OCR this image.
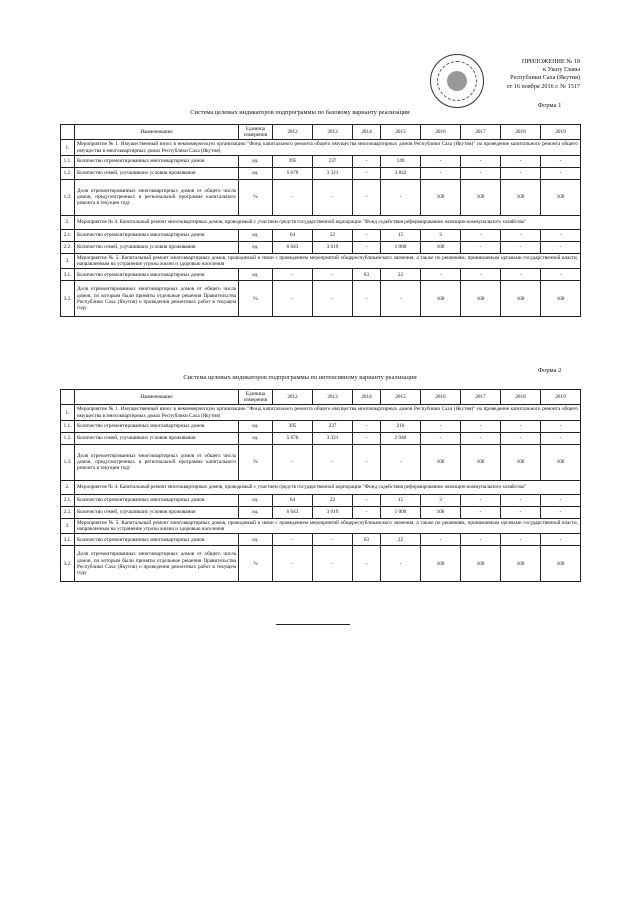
ПРИЛОЖЕНИЕ № 18
к Указу Главы
Республики Саха (Якутия)
от 16 ноября 2016 г. № 1517
Форма 1
Система целевых индикаторов подпрограммы по базовому варианту реализации
	Наименование	Единица измерения	2012	2013	2014	2015	2016	2017	2018	2019
1.	Мероприятие № 1. Имущественный взнос в некоммерческую организацию "Фонд капитального ремонта общего имущества многоквартирных домов Республики Саха (Якутия)" на проведение капитального ремонта общего имущества в многоквартирных домах Республики Саха (Якутия)									
1.1.	Количество отремонтированных многоквартирных домов	ед.	395	237	-	149	-	-	-	-
1.2.	Количество семей, улучшивших условия проживания	ед.	5 670	3 321	-	3 842	-	-	-	-
1.3.	Доля отремонтированных многоквартирных домов от общего числа домов, предусмотренных в региональной программе капитального ремонта в текущем году	%	-	-	-	-	100	100	100	100
2.	Мероприятие № 4. Капитальный ремонт многоквартирных домов, проводимый с участием средств государственной корпорации "Фонд содействия реформированию жилищно-коммунального хозяйства"									
2.1.	Количество отремонтированных многоквартирных домов	ед.	64	22	-	15	3	-	-	-
2.2.	Количество семей, улучшивших условия проживания	ед.	6 643	3 619	-	1 000	100	-	-	-
3.	Мероприятие № 5. Капитальный ремонт многоквартирных домов, проводимый в связи с проведением мероприятий общереспубликанского значения, а также по решениям, принимаемым органами государственной власти, направленным на устранение угрозы жизни и здоровью населения									
3.1.	Количество отремонтированных многоквартирных домов	ед.	-	-	63	22	-	-	-	-
3.2.	Доля отремонтированных многоквартирных домов от общего числа домов, по которым были приняты отдельные решения Правительства Республики Саха (Якутия) о проведении ремонтных работ в текущем году	%	-	-	-	-	100	100	100	100
Форма 2
Система целевых индикаторов подпрограммы по интенсивному варианту реализации
	Наименование	Единица измерения	2012	2013	2014	2015	2016	2017	2018	2019
1.	Мероприятие № 1. Имущественный взнос в некоммерческую организацию "Фонд капитального ремонта общего имущества многоквартирных домов Республики Саха (Якутия)" на проведение капитального ремонта общего имущества в многоквартирных домах Республики Саха (Якутия)									
1.1.	Количество отремонтированных многоквартирных домов	ед.	395	237	-	210	-	-	-	-
1.2.	Количество семей, улучшивших условия проживания	ед.	5 670	3 321	-	2 940	-	-	-	-
1.3.	Доля отремонтированных многоквартирных домов от общего числа домов, предусмотренных в региональной программе капитального ремонта в текущем году	%	-	-	-	-	100	100	100	100
2.	Мероприятие № 4. Капитальный ремонт многоквартирных домов, проводимый с участием средств государственной корпорации "Фонд содействия реформированию жилищно-коммунального хозяйства"									
2.1.	Количество отремонтированных многоквартирных домов	ед.	64	22	-	15	3	-	-	-
2.2.	Количество семей, улучшивших условия проживания	ед.	6 643	3 619	-	1 000	100	-	-	-
3.	Мероприятие № 5. Капитальный ремонт многоквартирных домов, проводимый в связи с проведением мероприятий общереспубликанского значения, а также по решениям, принимаемым органами государственной власти, направленным на устранение угрозы жизни и здоровью населения									
3.1.	Количество отремонтированных многоквартирных домов	ед.	-	-	63	22	-	-	-	-
3.2.	Доля отремонтированных многоквартирных домов от общего числа домов, по которым были приняты отдельные решения Правительства Республики Саха (Якутия) о проведении ремонтных работ в текущем году	%	-	-	-	-	100	100	100	100
